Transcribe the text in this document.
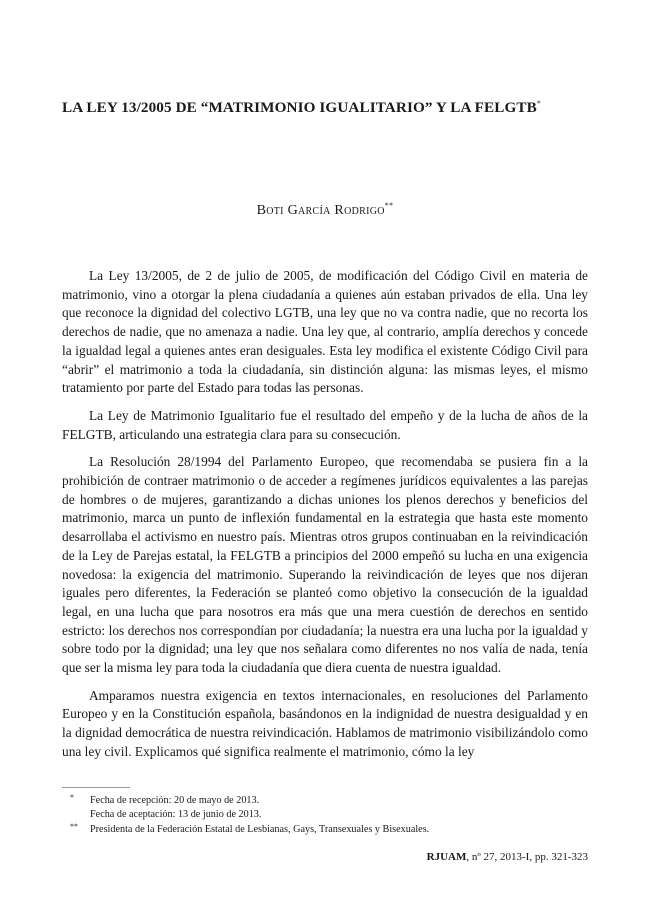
LA LEY 13/2005 DE “MATRIMONIO IGUALITARIO” Y LA FELGTB*
Boti García Rodrigo**

La Ley 13/2005, de 2 de julio de 2005, de modificación del Código Civil en materia de matrimonio, vino a otorgar la plena ciudadanía a quienes aún estaban privados de ella. Una ley que reconoce la dignidad del colectivo LGTB, una ley que no va contra nadie, que no recorta los derechos de nadie, que no amenaza a nadie. Una ley que, al contrario, amplía derechos y concede la igualdad legal a quienes antes eran desiguales. Esta ley modifica el existente Código Civil para “abrir” el matrimonio a toda la ciudadanía, sin distinción alguna: las mismas leyes, el mismo tratamiento por parte del Estado para todas las personas.

La Ley de Matrimonio Igualitario fue el resultado del empeño y de la lucha de años de la FELGTB, articulando una estrategia clara para su consecución.

La Resolución 28/1994 del Parlamento Europeo, que recomendaba se pusiera fin a la prohibición de contraer matrimonio o de acceder a regímenes jurídicos equivalentes a las parejas de hombres o de mujeres, garantizando a dichas uniones los plenos derechos y beneficios del matrimonio, marca un punto de inflexión fundamental en la estrategia que hasta este momento desarrollaba el activismo en nuestro país. Mientras otros grupos continuaban en la reivindicación de la Ley de Parejas estatal, la FELGTB a principios del 2000 empeñó su lucha en una exigencia novedosa: la exigencia del matrimonio. Superando la reivindicación de leyes que nos dijeran iguales pero diferentes, la Federación se planteó como objetivo la consecución de la igualdad legal, en una lucha que para nosotros era más que una mera cuestión de derechos en sentido estricto: los derechos nos correspondían por ciudadanía; la nuestra era una lucha por la igualdad y sobre todo por la dignidad; una ley que nos señalara como diferentes no nos valía de nada, tenía que ser la misma ley para toda la ciudadanía que diera cuenta de nuestra igualdad.

Amparamos nuestra exigencia en textos internacionales, en resoluciones del Parlamento Europeo y en la Constitución española, basándonos en la indignidad de nuestra desigualdad y en la dignidad democrática de nuestra reivindicación. Hablamos de matrimonio visibilizándolo como una ley civil. Explicamos qué significa realmente el matrimonio, cómo la ley

* Fecha de recepción: 20 de mayo de 2013.
Fecha de aceptación: 13 de junio de 2013.
** Presidenta de la Federación Estatal de Lesbianas, Gays, Transexuales y Bisexuales.
RJUAM, nº 27, 2013-I, pp. 321-323
